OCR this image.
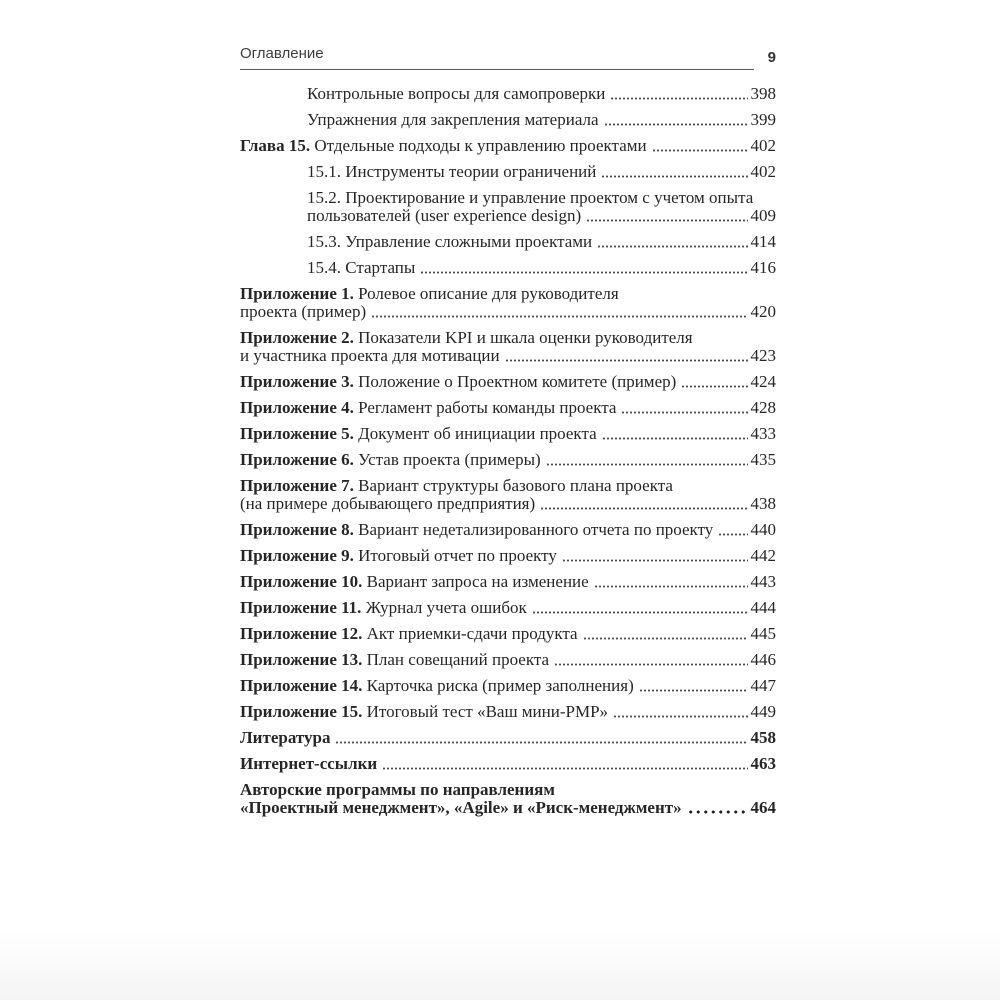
Оглавление	9
Контрольные вопросы для самопроверки	398
Упражнения для закрепления материала	399
Глава 15. Отдельные подходы к управлению проектами	402
15.1. Инструменты теории ограничений	402
15.2. Проектирование и управление проектом с учетом опыта
пользователей (user experience design)	409
15.3. Управление сложными проектами	414
15.4. Стартапы	416
Приложение 1. Ролевое описание для руководителя
проекта (пример)	420
Приложение 2. Показатели KPI и шкала оценки руководителя
и участника проекта для мотивации	423
Приложение 3. Положение о Проектном комитете (пример)	424
Приложение 4. Регламент работы команды проекта	428
Приложение 5. Документ об инициации проекта	433
Приложение 6. Устав проекта (примеры)	435
Приложение 7. Вариант структуры базового плана проекта
(на примере добывающего предприятия)	438
Приложение 8. Вариант недетализированного отчета по проекту 440
Приложение 9. Итоговый отчет по проекту	442
Приложение 10. Вариант запроса на изменение	443
Приложение 11. Журнал учета ошибок	444
Приложение 12. Акт приемки-сдачи продукта	445
Приложение 13. План совещаний проекта	446
Приложение 14. Карточка риска (пример заполнения)	447
Приложение 15. Итоговый тест «Ваш мини-PMP»	449
Литература	458
Интернет-ссылки	463
Авторские программы по направлениям
«Проектный менеджмент», «Agile» и «Риск-менеджмент»	464
